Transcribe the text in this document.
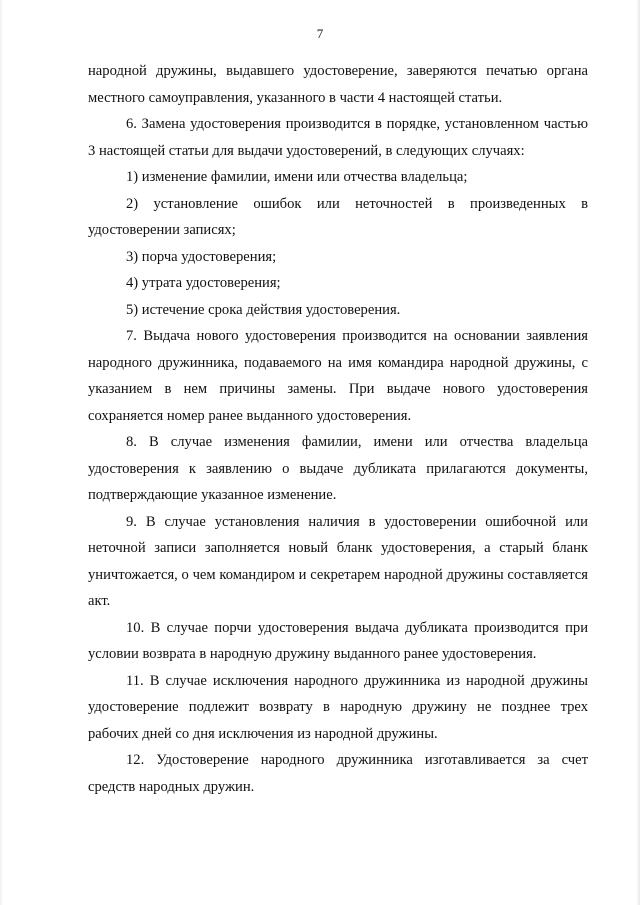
7

народной дружины, выдавшего удостоверение, заверяются печатью органа местного самоуправления, указанного в части 4 настоящей статьи.

6. Замена удостоверения производится в порядке, установленном частью 3 настоящей статьи для выдачи удостоверений, в следующих случаях:

1) изменение фамилии, имени или отчества владельца;

2) установление ошибок или неточностей в произведенных в удостоверении записях;

3) порча удостоверения;

4) утрата удостоверения;

5) истечение срока действия удостоверения.

7. Выдача нового удостоверения производится на основании заявления народного дружинника, подаваемого на имя командира народной дружины, с указанием в нем причины замены. При выдаче нового удостоверения сохраняется номер ранее выданного удостоверения.

8. В случае изменения фамилии, имени или отчества владельца удостоверения к заявлению о выдаче дубликата прилагаются документы, подтверждающие указанное изменение.

9. В случае установления наличия в удостоверении ошибочной или неточной записи заполняется новый бланк удостоверения, а старый бланк уничтожается, о чем командиром и секретарем народной дружины составляется акт.

10. В случае порчи удостоверения выдача дубликата производится при условии возврата в народную дружину выданного ранее удостоверения.

11. В случае исключения народного дружинника из народной дружины удостоверение подлежит возврату в народную дружину не позднее трех рабочих дней со дня исключения из народной дружины.

12. Удостоверение народного дружинника изготавливается за счет средств народных дружин.
